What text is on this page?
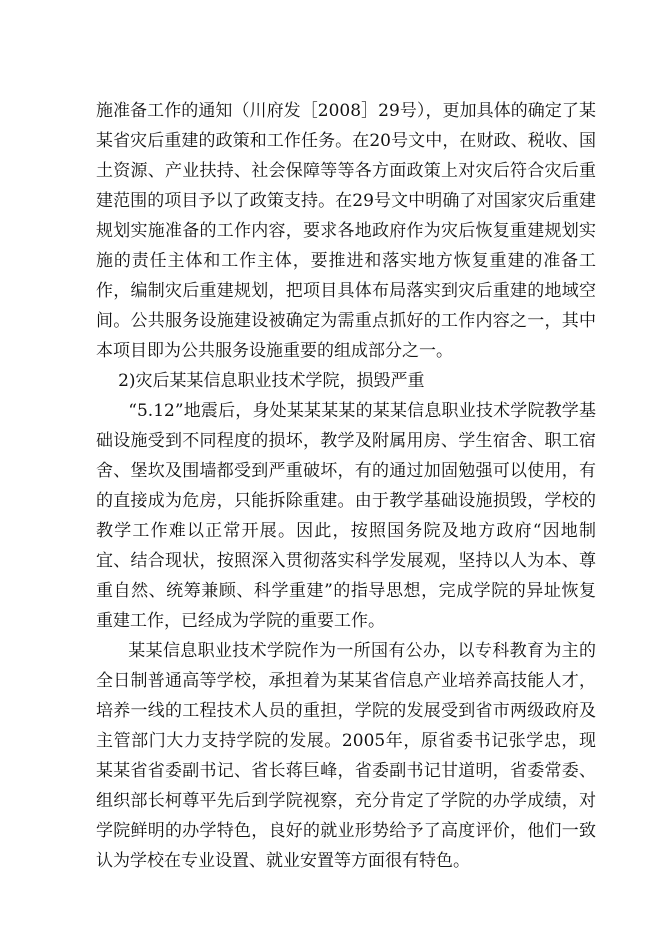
施准备工作的通知（川府发［2008］29号），更加具体的确定了某某省灾后重建的政策和工作任务。在20号文中，在财政、税收、国土资源、产业扶持、社会保障等等各方面政策上对灾后符合灾后重建范围的项目予以了政策支持。在29号文中明确了对国家灾后重建规划实施准备的工作内容，要求各地政府作为灾后恢复重建规划实施的责任主体和工作主体，要推进和落实地方恢复重建的准备工作，编制灾后重建规划，把项目具体布局落实到灾后重建的地域空间。公共服务设施建设被确定为需重点抓好的工作内容之一，其中本项目即为公共服务设施重要的组成部分之一。

2)灾后某某信息职业技术学院，损毁严重

“5.12”地震后，身处某某某某的某某信息职业技术学院教学基础设施受到不同程度的损坏，教学及附属用房、学生宿舍、职工宿舍、堡坎及围墙都受到严重破坏，有的通过加固勉强可以使用，有的直接成为危房，只能拆除重建。由于教学基础设施损毁，学校的教学工作难以正常开展。因此，按照国务院及地方政府“因地制宜、结合现状，按照深入贯彻落实科学发展观，坚持以人为本、尊重自然、统筹兼顾、科学重建”的指导思想，完成学院的异址恢复重建工作，已经成为学院的重要工作。

某某信息职业技术学院作为一所国有公办，以专科教育为主的全日制普通高等学校，承担着为某某省信息产业培养高技能人才，培养一线的工程技术人员的重担，学院的发展受到省市两级政府及主管部门大力支持学院的发展。2005年，原省委书记张学忠，现某某省省委副书记、省长蒋巨峰，省委副书记甘道明，省委常委、组织部长柯尊平先后到学院视察，充分肯定了学院的办学成绩，对学院鲜明的办学特色，良好的就业形势给予了高度评价，他们一致认为学校在专业设置、就业安置等方面很有特色。
